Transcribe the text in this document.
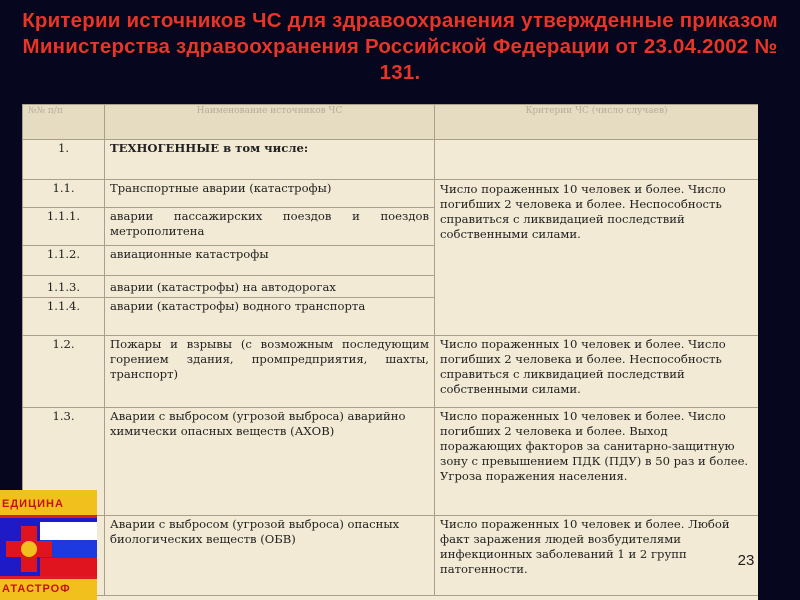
Критерии источников ЧС для здравоохранения утвержденные приказом Министерства здравоохранения Российской Федерации от 23.04.2002 № 131.
№№ п/п	Наименование источников ЧС	Критерии ЧС (число случаев)
1.	ТЕХНОГЕННЫЕ в том числе:	
1.1.	Транспортные аварии (катастрофы)	Число пораженных 10 человек и более. Число погибших 2 человека и более. Неспособность справиться с ликвидацией последствий собственными силами.
1.1.1.	аварии пассажирских поездов и поездов метрополитена	
1.1.2.	авиационные катастрофы	
1.1.3.	аварии (катастрофы) на автодорогах	
1.1.4.	аварии (катастрофы) водного транспорта	
1.2.	Пожары и взрывы (с возможным последующим горением здания, промпредприятия, шахты, транспорт)	Число пораженных 10 человек и более. Число погибших 2 человека и более. Неспособность справиться с ликвидацией последствий собственными силами.
1.3.	Аварии с выбросом (угрозой выброса) аварийно химически опасных веществ (АХОВ)	Число пораженных 10 человек и более. Число погибших 2 человека и более. Выход поражающих факторов за санитарно-защитную зону с превышением ПДК (ПДУ) в 50 раз и более. Угроза поражения населения.
	Аварии с выбросом (угрозой выброса) опасных биологических веществ (ОБВ)	Число пораженных 10 человек и более. Любой факт заражения людей возбудителями инфекционных заболеваний 1 и 2 групп патогенности.	23
ЕДИЦИНА
АТАСТРОФ
